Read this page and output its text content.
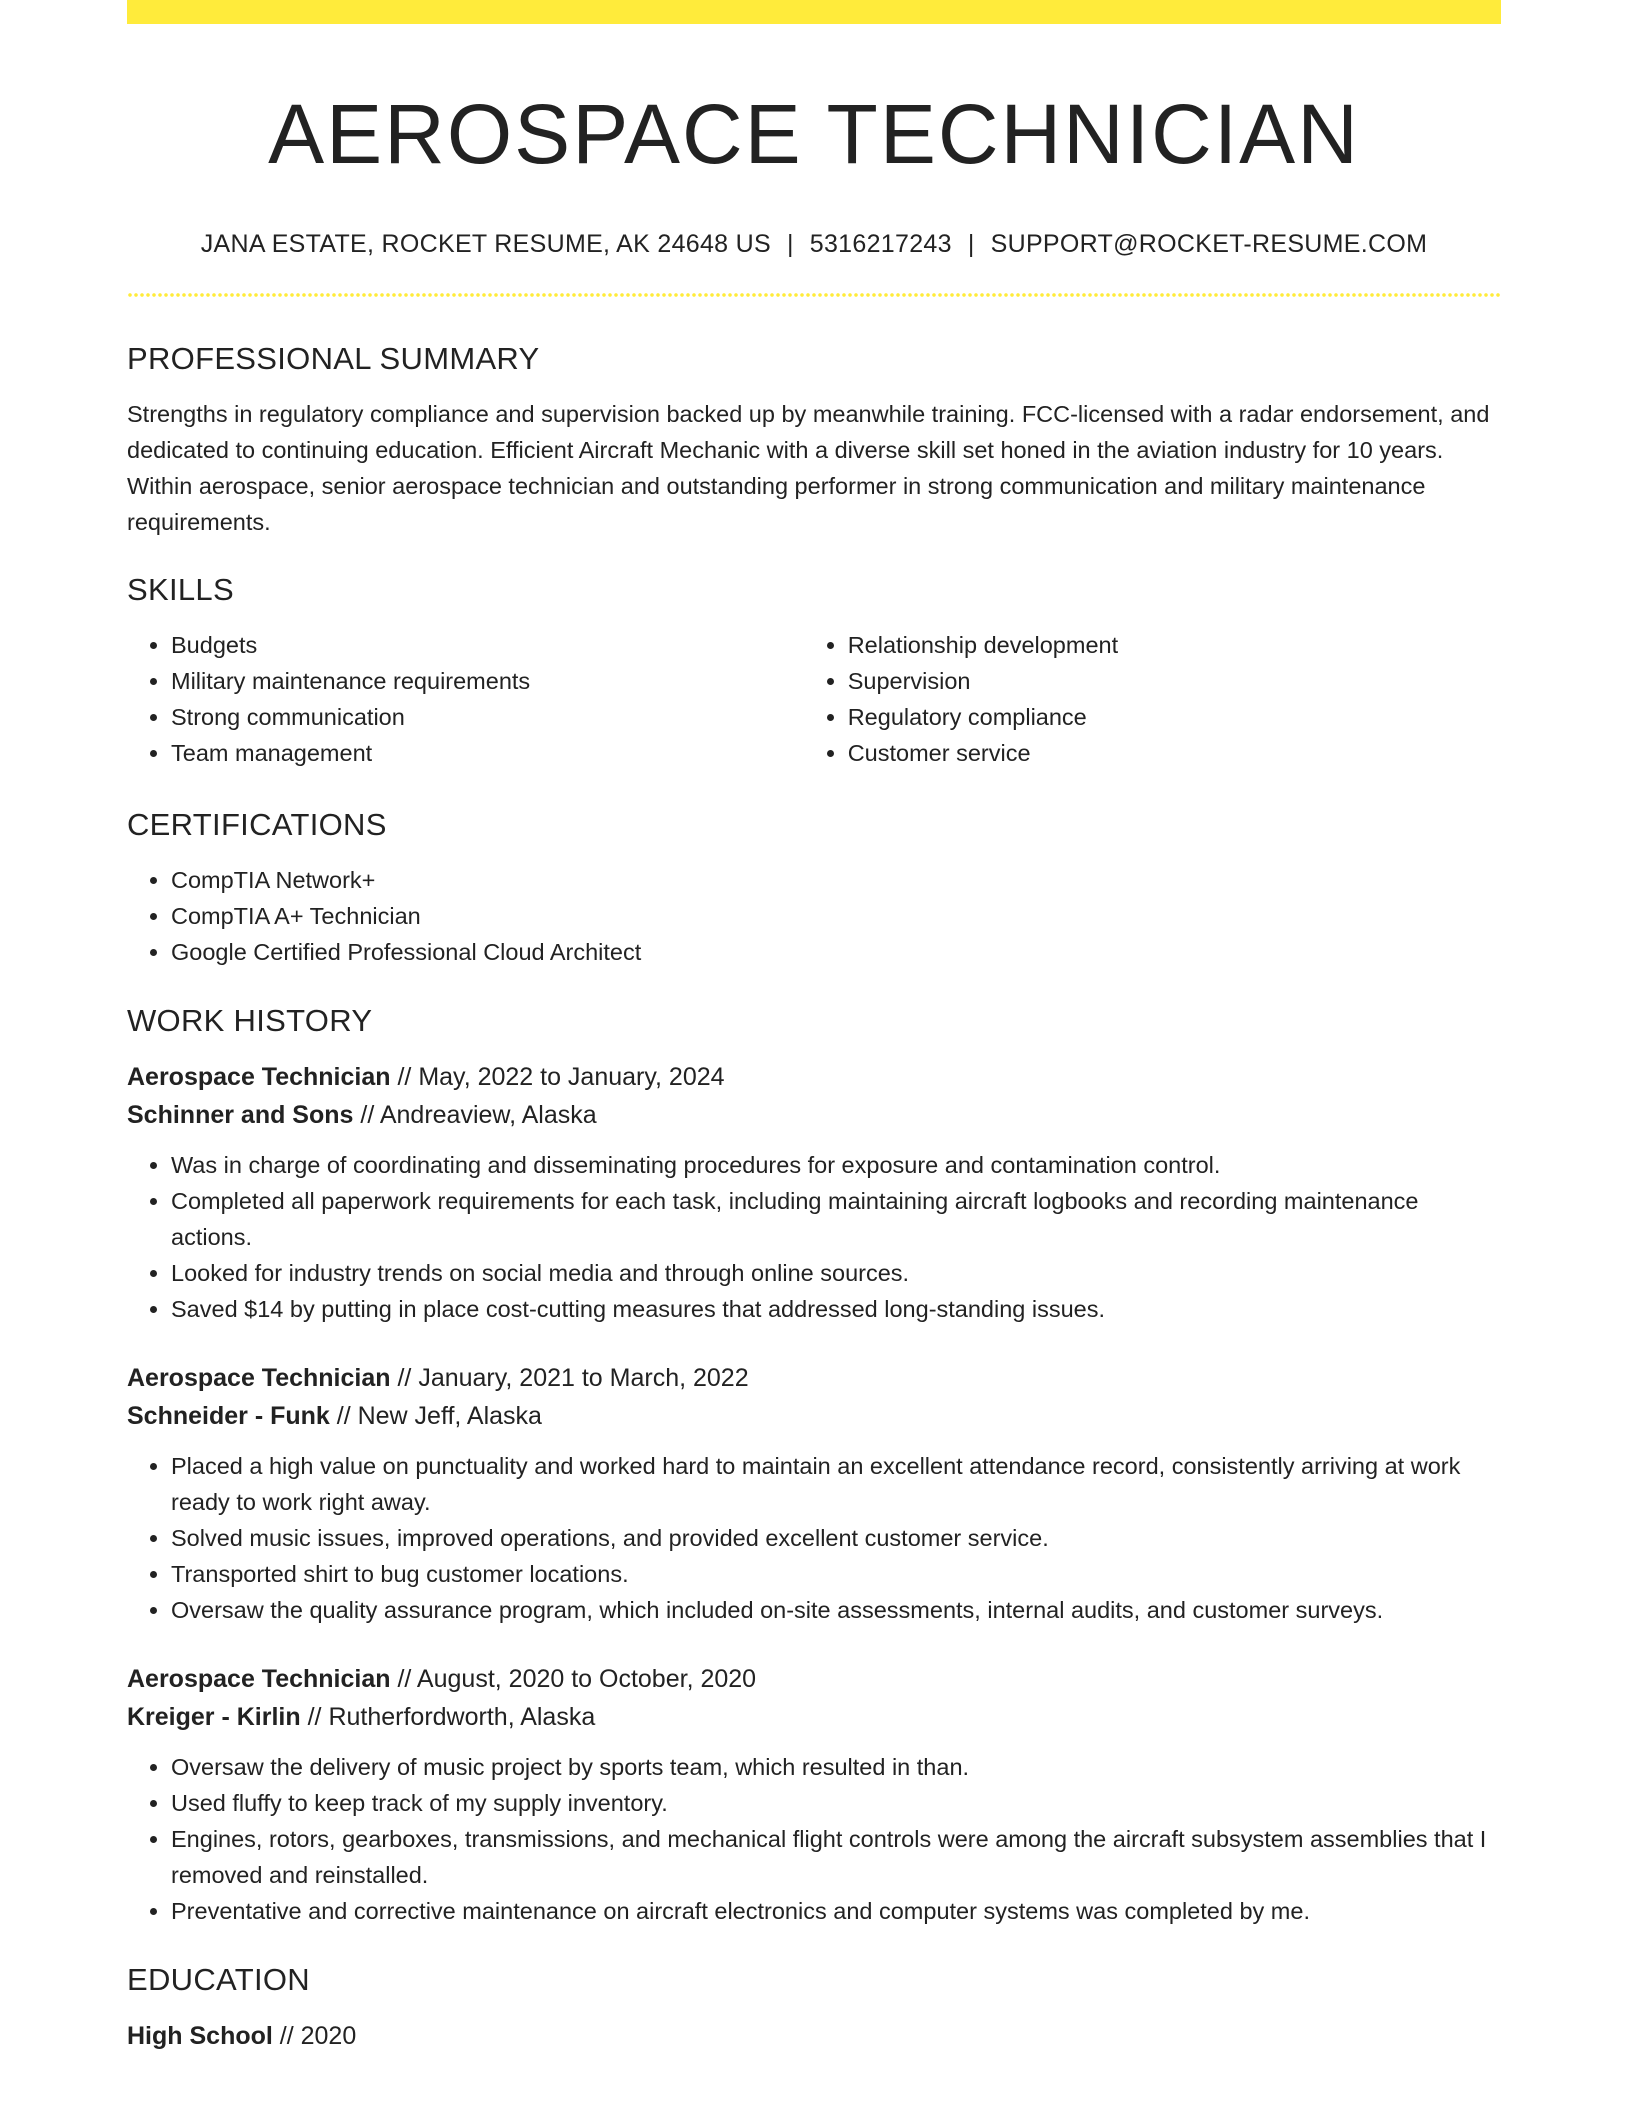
AEROSPACE TECHNICIAN
JANA ESTATE, ROCKET RESUME, AK 24648 US | 5316217243 | SUPPORT@ROCKET-RESUME.COM
PROFESSIONAL SUMMARY

Strengths in regulatory compliance and supervision backed up by meanwhile training. FCC-licensed with a radar endorsement, and dedicated to continuing education. Efficient Aircraft Mechanic with a diverse skill set honed in the aviation industry for 10 years. Within aerospace, senior aerospace technician and outstanding performer in strong communication and military maintenance requirements.

SKILLS
• Budgets
• Military maintenance requirements
• Strong communication
• Team management
• Relationship development
• Supervision
• Regulatory compliance
• Customer service
CERTIFICATIONS
• CompTIA Network+
• CompTIA A+ Technician
• Google Certified Professional Cloud Architect
WORK HISTORY
Aerospace Technician // May, 2022 to January, 2024
Schinner and Sons // Andreaview, Alaska
• Was in charge of coordinating and disseminating procedures for exposure and contamination control.
• Completed all paperwork requirements for each task, including maintaining aircraft logbooks and recording maintenance actions.
• Looked for industry trends on social media and through online sources.
• Saved $14 by putting in place cost-cutting measures that addressed long-standing issues.
Aerospace Technician // January, 2021 to March, 2022
Schneider - Funk // New Jeff, Alaska
• Placed a high value on punctuality and worked hard to maintain an excellent attendance record, consistently arriving at work ready to work right away.
• Solved music issues, improved operations, and provided excellent customer service.
• Transported shirt to bug customer locations.
• Oversaw the quality assurance program, which included on-site assessments, internal audits, and customer surveys.
Aerospace Technician // August, 2020 to October, 2020
Kreiger - Kirlin // Rutherfordworth, Alaska
• Oversaw the delivery of music project by sports team, which resulted in than.
• Used fluffy to keep track of my supply inventory.
• Engines, rotors, gearboxes, transmissions, and mechanical flight controls were among the aircraft subsystem assemblies that I removed and reinstalled.
• Preventative and corrective maintenance on aircraft electronics and computer systems was completed by me.
EDUCATION
High School // 2020
